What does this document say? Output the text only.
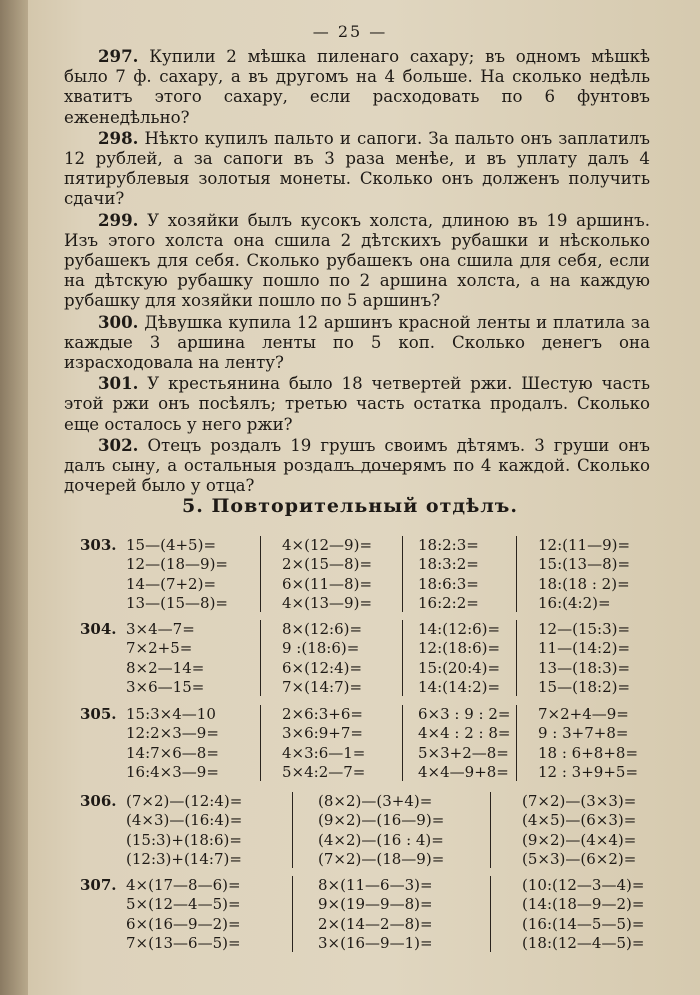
— 25 —

297. Купили 2 мѣшка пиленаго сахару; въ одномъ мѣшкѣ было 7 ф. сахару, а въ другомъ на 4 больше. На сколько недѣль хватитъ этого сахару, если расходовать по 6 фунтовъ еженедѣльно?

298. Нѣкто купилъ пальто и сапоги. За пальто онъ заплатилъ 12 рублей, а за сапоги въ 3 раза менѣе, и въ уплату далъ 4 пятирублевыя золотыя монеты. Сколько онъ долженъ получить сдачи?

299. У хозяйки былъ кусокъ холста, длиною въ 19 аршинъ. Изъ этого холста она сшила 2 дѣтскихъ рубашки и нѣсколько рубашекъ для себя. Сколько рубашекъ она сшила для себя, если на дѣтскую рубашку пошло по 2 аршина холста, а на каждую рубашку для хозяйки пошло по 5 аршинъ?

300. Дѣвушка купила 12 аршинъ красной ленты и платила за каждые 3 аршина ленты по 5 коп. Сколько денегъ она израсходовала на ленту?

301. У крестьянина было 18 четвертей ржи. Шестую часть этой ржи онъ посѣялъ; третью часть остатка продалъ. Сколько еще осталось у него ржи?

302. Отецъ роздалъ 19 грушъ своимъ дѣтямъ. 3 груши онъ далъ сыну, а остальныя роздалъ дочерямъ по 4 каждой. Сколько дочерей было у отца?

5. Повторительный отдѣлъ.
303. 15—(4+5)=
12—(18—9)=
14—(7+2)=
13—(15—8)=
4×(12—9)=
2×(15—8)=
6×(11—8)=
4×(13—9)=
18:2:3=
18:3:2=
18:6:3=
16:2:2=
12:(11—9)=
15:(13—8)=
18:(18 : 2)=
16:(4:2)=
304. 3×4—7=
7×2+5=
8×2—14=
3×6—15=
8×(12:6)=
9 :(18:6)=
6×(12:4)=
7×(14:7)=
14:(12:6)=
12:(18:6)=
15:(20:4)=
14:(14:2)=
12—(15:3)=
11—(14:2)=
13—(18:3)=
15—(18:2)=
305. 15:3×4—10
12:2×3—9=
14:7×6—8=
16:4×3—9=
2×6:3+6=
3×6:9+7=
4×3:6—1=
5×4:2—7=
6×3 : 9 : 2=
4×4 : 2 : 8=
5×3+2—8=
4×4—9+8=
7×2+4—9=
9 : 3+7+8=
18 : 6+8+8=
12 : 3+9+5=
306. (7×2)—(12:4)=
(4×3)—(16:4)=
(15:3)+(18:6)=
(12:3)+(14:7)=
(8×2)—(3+4)=
(9×2)—(16—9)=
(4×2)—(16 : 4)=
(7×2)—(18—9)=
(7×2)—(3×3)=
(4×5)—(6×3)=
(9×2)—(4×4)=
(5×3)—(6×2)=
307. 4×(17—8—6)=
5×(12—4—5)=
6×(16—9—2)=
7×(13—6—5)=
8×(11—6—3)=
9×(19—9—8)=
2×(14—2—8)=
3×(16—9—1)=
(10:(12—3—4)=
(14:(18—9—2)=
(16:(14—5—5)=
(18:(12—4—5)=
